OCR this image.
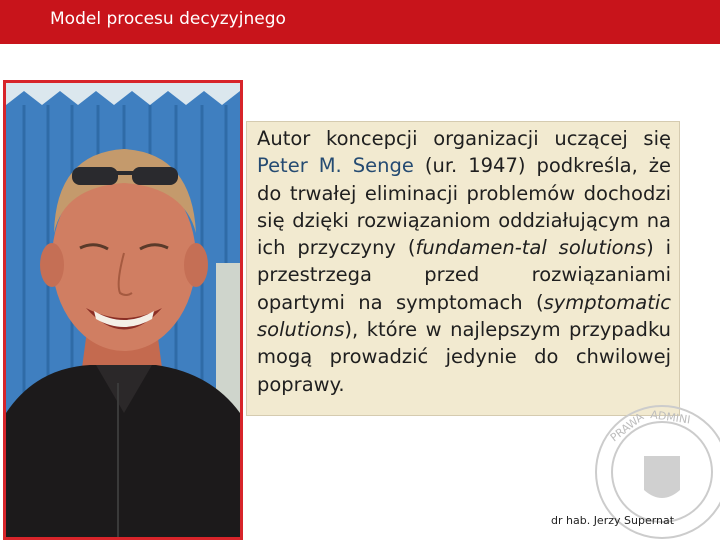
Model procesu decyzyjnego
Autor koncepcji organizacji uczącej się Peter M. Senge (ur. 1947) podkreśla, że do trwałej eliminacji problemów dochodzi się dzięki rozwiązaniom oddziałującym na ich przyczyny (fundamen-tal solutions) i przestrzega przed rozwiązaniami opartymi na symptomach (symptomatic solutions), które w najlepszym przypadku mogą prowadzić jedynie do chwilowej poprawy.
PRAWA ADMINI
dr hab. Jerzy Supernat
